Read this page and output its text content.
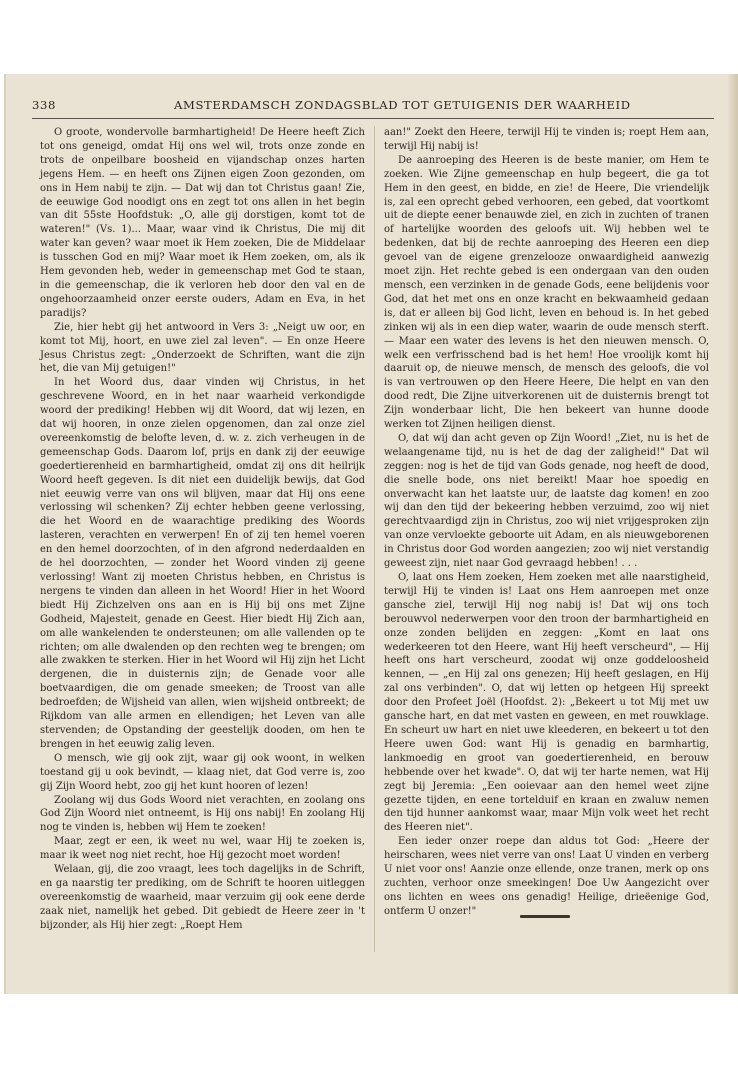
338	AMSTERDAMSCH ZONDAGSBLAD TOT GETUIGENIS DER WAARHEID

O groote, wondervolle barmhartigheid! De Heere heeft Zich tot ons geneigd, omdat Hij ons wel wil, trots onze zonde en trots de onpeilbare boosheid en vijandschap onzes harten jegens Hem. — en heeft ons Zijnen eigen Zoon gezonden, om ons in Hem nabij te zijn. — Dat wij dan tot Christus gaan! Zie, de eeuwige God noodigt ons en zegt tot ons allen in het begin van dit 55ste Hoofdstuk: „O, alle gij dorstigen, komt tot de wateren!" (Vs. 1)... Maar, waar vind ik Christus, Die mij dit water kan geven? waar moet ik Hem zoeken, Die de Middelaar is tusschen God en mij? Waar moet ik Hem zoeken, om, als ik Hem gevonden heb, weder in gemeenschap met God te staan, in die gemeenschap, die ik verloren heb door den val en de ongehoorzaamheid onzer eerste ouders, Adam en Eva, in het paradijs?

Zie, hier hebt gij het antwoord in Vers 3: „Neigt uw oor, en komt tot Mij, hoort, en uwe ziel zal leven". — En onze Heere Jesus Christus zegt: „Onderzoekt de Schriften, want die zijn het, die van Mij getuigen!"

In het Woord dus, daar vinden wij Christus, in het geschrevene Woord, en in het naar waarheid verkondigde woord der prediking! Hebben wij dit Woord, dat wij lezen, en dat wij hooren, in onze zielen opgenomen, dan zal onze ziel overeenkomstig de belofte leven, d. w. z. zich verheugen in de gemeenschap Gods. Daarom lof, prijs en dank zij der eeuwige goedertierenheid en barmhartigheid, omdat zij ons dit heilrijk Woord heeft gegeven. Is dit niet een duidelijk bewijs, dat God niet eeuwig verre van ons wil blijven, maar dat Hij ons eene verlossing wil schenken? Zij echter hebben geene verlossing, die het Woord en de waarachtige prediking des Woords lasteren, verachten en verwerpen! En of zij ten hemel voeren en den hemel doorzochten, of in den afgrond nederdaalden en de hel doorzochten, — zonder het Woord vinden zij geene verlossing! Want zij moeten Christus hebben, en Christus is nergens te vinden dan alleen in het Woord! Hier in het Woord biedt Hij Zichzelven ons aan en is Hij bij ons met Zijne Godheid, Majesteit, genade en Geest. Hier biedt Hij Zich aan, om alle wankelenden te ondersteunen; om alle vallenden op te richten; om alle dwalenden op den rechten weg te brengen; om alle zwakken te sterken. Hier in het Woord wil Hij zijn het Licht dergenen, die in duisternis zijn; de Genade voor alle boetvaardigen, die om genade smeeken; de Troost van alle bedroefden; de Wijsheid van allen, wien wijsheid ontbreekt; de Rijkdom van alle armen en ellendigen; het Leven van alle stervenden; de Opstanding der geestelijk dooden, om hen te brengen in het eeuwig zalig leven.

O mensch, wie gij ook zijt, waar gij ook woont, in welken toestand gij u ook bevindt, — klaag niet, dat God verre is, zoo gij Zijn Woord hebt, zoo gij het kunt hooren of lezen!

Zoolang wij dus Gods Woord niet verachten, en zoolang ons God Zijn Woord niet ontneemt, is Hij ons nabij! En zoolang Hij nog te vinden is, hebben wij Hem te zoeken!

Maar, zegt er een, ik weet nu wel, waar Hij te zoeken is, maar ik weet nog niet recht, hoe Hij gezocht moet worden!

Welaan, gij, die zoo vraagt, lees toch dagelijks in de Schrift, en ga naarstig ter prediking, om de Schrift te hooren uitleggen overeenkomstig de waarheid, maar verzuim gij ook eene derde zaak niet, namelijk het gebed. Dit gebiedt de Heere zeer in 't bijzonder, als Hij hier zegt: „Roept Hem

aan!" Zoekt den Heere, terwijl Hij te vinden is; roept Hem aan, terwijl Hij nabij is!

De aanroeping des Heeren is de beste manier, om Hem te zoeken. Wie Zijne gemeenschap en hulp begeert, die ga tot Hem in den geest, en bidde, en zie! de Heere, Die vriendelijk is, zal een oprecht gebed verhooren, een gebed, dat voortkomt uit de diepte eener benauwde ziel, en zich in zuchten of tranen of hartelijke woorden des geloofs uit. Wij hebben wel te bedenken, dat bij de rechte aanroeping des Heeren een diep gevoel van de eigene grenzelooze onwaardigheid aanwezig moet zijn. Het rechte gebed is een ondergaan van den ouden mensch, een verzinken in de genade Gods, eene belijdenis voor God, dat het met ons en onze kracht en bekwaamheid gedaan is, dat er alleen bij God licht, leven en behoud is. In het gebed zinken wij als in een diep water, waarin de oude mensch sterft. — Maar een water des levens is het den nieuwen mensch. O, welk een verfrisschend bad is het hem! Hoe vroolijk komt hij daaruit op, de nieuwe mensch, de mensch des geloofs, die vol is van vertrouwen op den Heere Heere, Die helpt en van den dood redt, Die Zijne uitverkorenen uit de duisternis brengt tot Zijn wonderbaar licht, Die hen bekeert van hunne doode werken tot Zijnen heiligen dienst.

O, dat wij dan acht geven op Zijn Woord! „Ziet, nu is het de welaangename tijd, nu is het de dag der zaligheid!" Dat wil zeggen: nog is het de tijd van Gods genade, nog heeft de dood, die snelle bode, ons niet bereikt! Maar hoe spoedig en onverwacht kan het laatste uur, de laatste dag komen! en zoo wij dan den tijd der bekeering hebben verzuimd, zoo wij niet gerechtvaardigd zijn in Christus, zoo wij niet vrijgesproken zijn van onze vervloekte geboorte uit Adam, en als nieuwgeborenen in Christus door God worden aangezien; zoo wij niet verstandig geweest zijn, niet naar God gevraagd hebben! . . .

O, laat ons Hem zoeken, Hem zoeken met alle naarstigheid, terwijl Hij te vinden is! Laat ons Hem aanroepen met onze gansche ziel, terwijl Hij nog nabij is! Dat wij ons toch berouwvol nederwerpen voor den troon der barmhartigheid en onze zonden belijden en zeggen: „Komt en laat ons wederkeeren tot den Heere, want Hij heeft verscheurd", — Hij heeft ons hart verscheurd, zoodat wij onze goddeloosheid kennen, — „en Hij zal ons genezen; Hij heeft geslagen, en Hij zal ons verbinden". O, dat wij letten op hetgeen Hij spreekt door den Profeet Joël (Hoofdst. 2): „Bekeert u tot Mij met uw gansche hart, en dat met vasten en geween, en met rouwklage. En scheurt uw hart en niet uwe kleederen, en bekeert u tot den Heere uwen God: want Hij is genadig en barmhartig, lankmoedig en groot van goedertierenheid, en berouw hebbende over het kwade". O, dat wij ter harte nemen, wat Hij zegt bij Jeremia: „Een ooievaar aan den hemel weet zijne gezette tijden, en eene tortelduif en kraan en zwaluw nemen den tijd hunner aankomst waar, maar Mijn volk weet het recht des Heeren niet".

Een ieder onzer roepe dan aldus tot God: „Heere der heirscharen, wees niet verre van ons! Laat U vinden en verberg U niet voor ons! Aanzie onze ellende, onze tranen, merk op ons zuchten, verhoor onze smeekingen! Doe Uw Aangezicht over ons lichten en wees ons genadig! Heilige, drieëenige God, ontferm U onzer!"
